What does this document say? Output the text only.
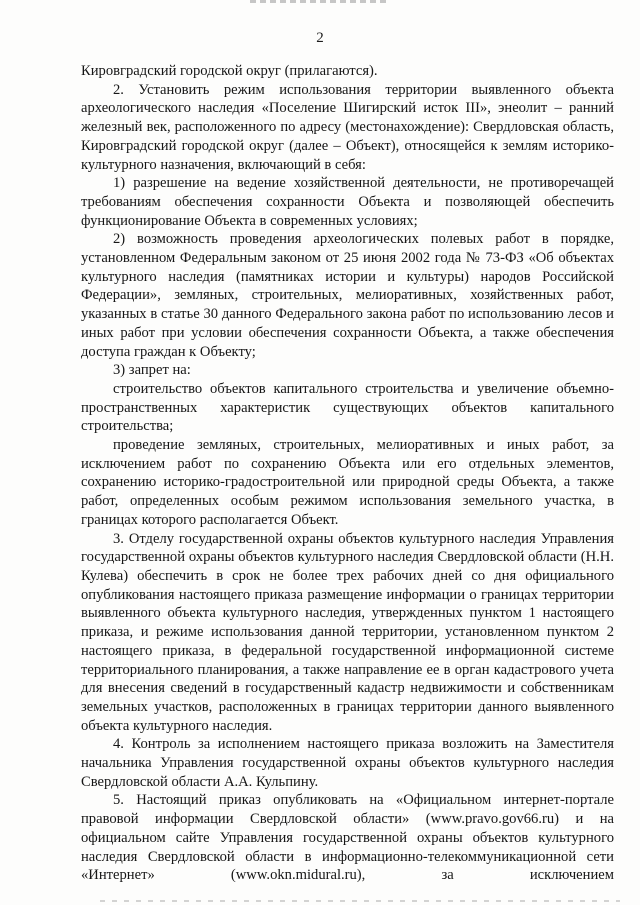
2

Кировградский городской округ (прилагаются).

2. Установить режим использования территории выявленного объекта археологического наследия «Поселение Шигирский исток III», энеолит – ранний железный век, расположенного по адресу (местонахождение): Свердловская область, Кировградский городской округ (далее – Объект), относящейся к землям историко-культурного назначения, включающий в себя:

1) разрешение на ведение хозяйственной деятельности, не противоречащей требованиям обеспечения сохранности Объекта и позволяющей обеспечить функционирование Объекта в современных условиях;

2) возможность проведения археологических полевых работ в порядке, установленном Федеральным законом от 25 июня 2002 года № 73-ФЗ «Об объектах культурного наследия (памятниках истории и культуры) народов Российской Федерации», земляных, строительных, мелиоративных, хозяйственных работ, указанных в статье 30 данного Федерального закона работ по использованию лесов и иных работ при условии обеспечения сохранности Объекта, а также обеспечения доступа граждан к Объекту;

3) запрет на:

строительство объектов капитального строительства и увеличение объемно-пространственных характеристик существующих объектов капитального строительства;

проведение земляных, строительных, мелиоративных и иных работ, за исключением работ по сохранению Объекта или его отдельных элементов, сохранению историко-градостроительной или природной среды Объекта, а также работ, определенных особым режимом использования земельного участка, в границах которого располагается Объект.

3. Отделу государственной охраны объектов культурного наследия Управления государственной охраны объектов культурного наследия Свердловской области (Н.Н. Кулева) обеспечить в срок не более трех рабочих дней со дня официального опубликования настоящего приказа размещение информации о границах территории выявленного объекта культурного наследия, утвержденных пунктом 1 настоящего приказа, и режиме использования данной территории, установленном пунктом 2 настоящего приказа, в федеральной государственной информационной системе территориального планирования, а также направление ее в орган кадастрового учета для внесения сведений в государственный кадастр недвижимости и собственникам земельных участков, расположенных в границах территории данного выявленного объекта культурного наследия.

4. Контроль за исполнением настоящего приказа возложить на Заместителя начальника Управления государственной охраны объектов культурного наследия Свердловской области А.А. Кульпину.

5. Настоящий приказ опубликовать на «Официальном интернет-портале правовой информации Свердловской области» (www.pravo.gov66.ru) и на официальном сайте Управления государственной охраны объектов культурного наследия Свердловской области в информационно-телекоммуникационной сети «Интернет» (www.okn.midural.ru), за исключением
